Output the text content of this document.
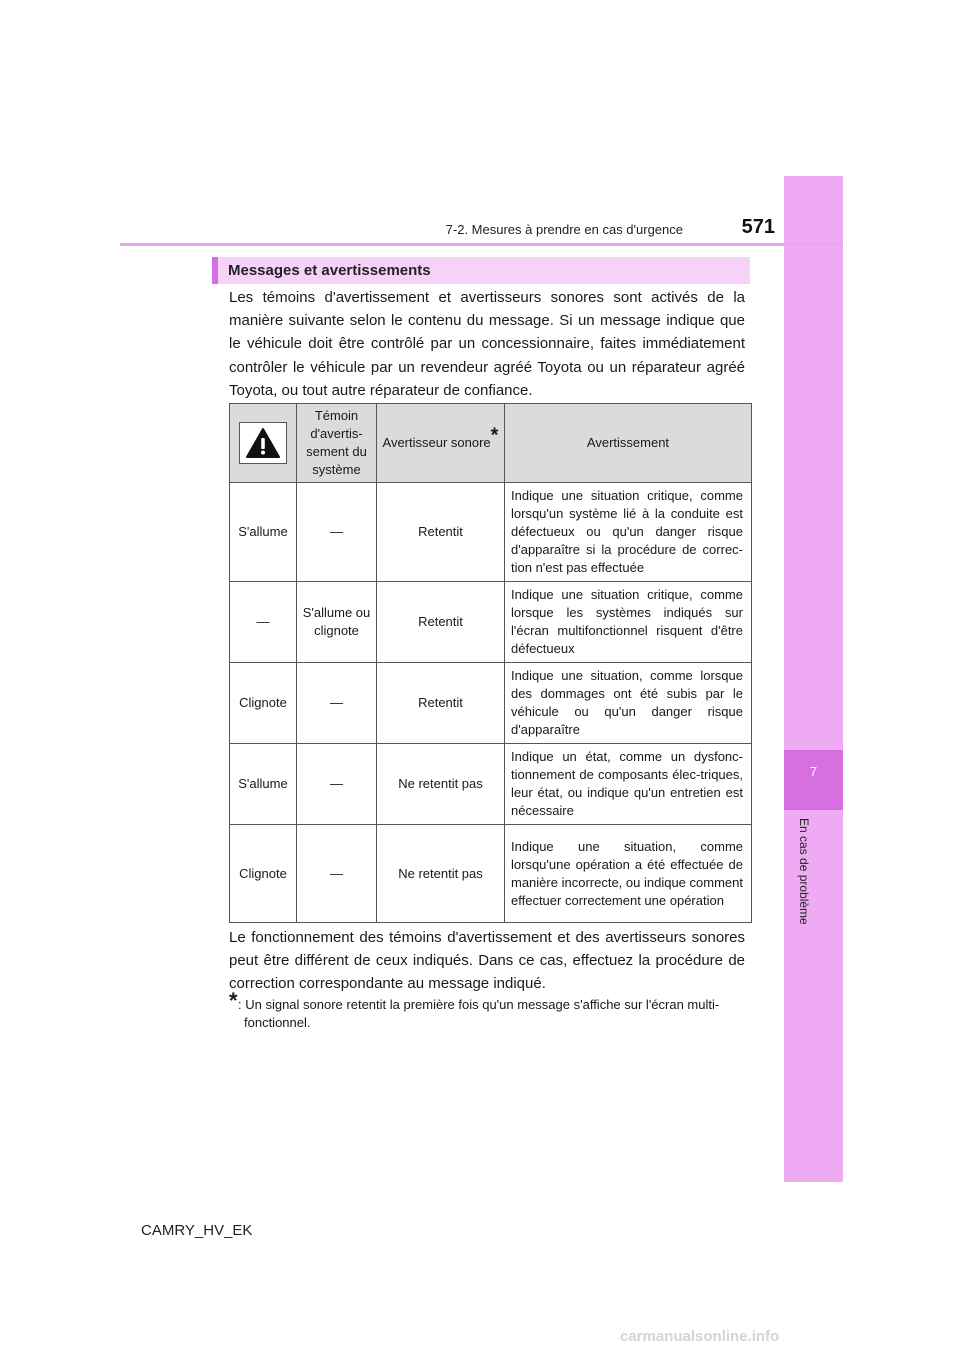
7
En cas de problème
7-2. Mesures à prendre en cas d'urgence	571
Messages et avertissements

Les témoins d'avertissement et avertisseurs sonores sont activés de la manière suivante selon le contenu du message. Si un message indique que le véhicule doit être contrôlé par un concessionnaire, faites immédiatement contrôler le véhicule par un revendeur agréé Toyota ou un réparateur agréé Toyota, ou tout autre réparateur de confiance.

	Témoin d'avertis-sement du système	Avertisseur sonore*	Avertissement
S'allume	—	Retentit	Indique une situation critique, comme lorsqu'un système lié à la conduite est défectueux ou qu'un danger risque d'apparaître si la procédure de correc-tion n'est pas effectuée
—	S'allume ou clignote	Retentit	Indique une situation critique, comme lorsque les systèmes indiqués sur l'écran multifonctionnel risquent d'être défectueux
Clignote	—	Retentit	Indique une situation, comme lorsque des dommages ont été subis par le véhicule ou qu'un danger risque d'apparaître
S'allume	—	Ne retentit pas	Indique un état, comme un dysfonc-tionnement de composants élec-triques, leur état, ou indique qu'un entretien est nécessaire
Clignote	—	Ne retentit pas	Indique une situation, comme lorsqu'une opération a été effectuée de manière incorrecte, ou indique comment effectuer correctement une opération

Le fonctionnement des témoins d'avertissement et des avertisseurs sonores peut être différent de ceux indiqués. Dans ce cas, effectuez la procédure de correction correspondante au message indiqué.

* : Un signal sonore retentit la première fois qu'un message s'affiche sur l'écran multi-fonctionnel.
CAMRY_HV_EK
carmanualsonline.info
